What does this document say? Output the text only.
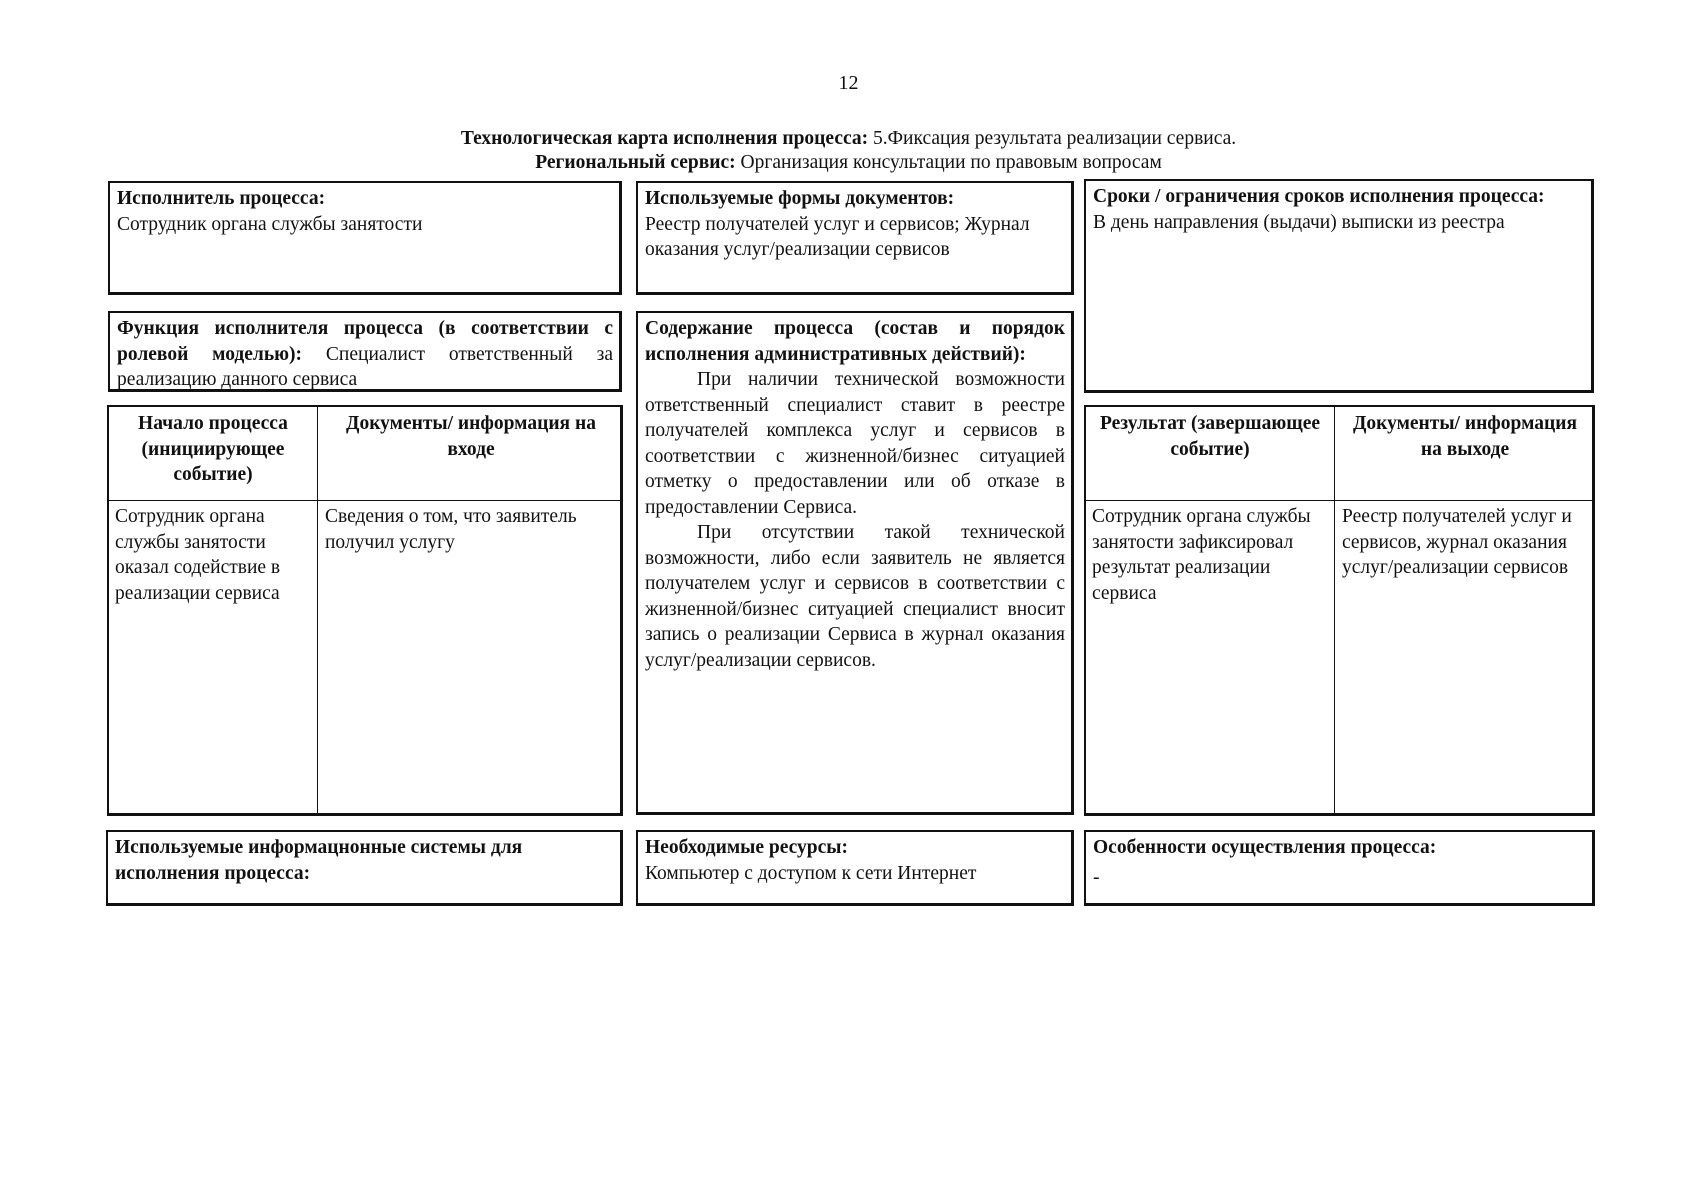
12
Технологическая карта исполнения процесса: 5.Фиксация результата реализации сервиса.
Региональный сервис: Организация консультации по правовым вопросам
Исполнитель процесса:
Сотрудник органа службы занятости
Используемые формы документов:
Реестр получателей услуг и сервисов; Журнал оказания услуг/реализации сервисов
Сроки / ограничения сроков исполнения процесса:
В день направления (выдачи) выписки из реестра
Функция исполнителя процесса (в соответствии с ролевой моделью): Специалист ответственный за реализацию данного сервиса
Содержание процесса (состав и порядок исполнения административных действий):
При наличии технической возможности ответственный специалист ставит в реестре получателей комплекса услуг и сервисов в соответствии с жизненной/бизнес ситуацией отметку о предоставлении или об отказе в предоставлении Сервиса.
При отсутствии такой технической возможности, либо если заявитель не является получателем услуг и сервисов в соответствии с жизненной/бизнес ситуацией специалист вносит запись о реализации Сервиса в журнал оказания услуг/реализации сервисов.
Начало процесса (инициирующее событие)
Документы/ информация на входе
Сотрудник органа службы занятости оказал содействие в реализации сервиса
Сведения о том, что заявитель получил услугу
Результат (завершающее событие)
Документы/ информация на выходе
Сотрудник органа службы занятости зафиксировал результат реализации сервиса
Реестр получателей услуг и сервисов, журнал оказания услуг/реализации сервисов
Используемые информацнонные системы для исполнения процесса:
Необходимые ресурсы:
Компьютер с доступом к сети Интернет
Особенности осуществления процесса:
-
